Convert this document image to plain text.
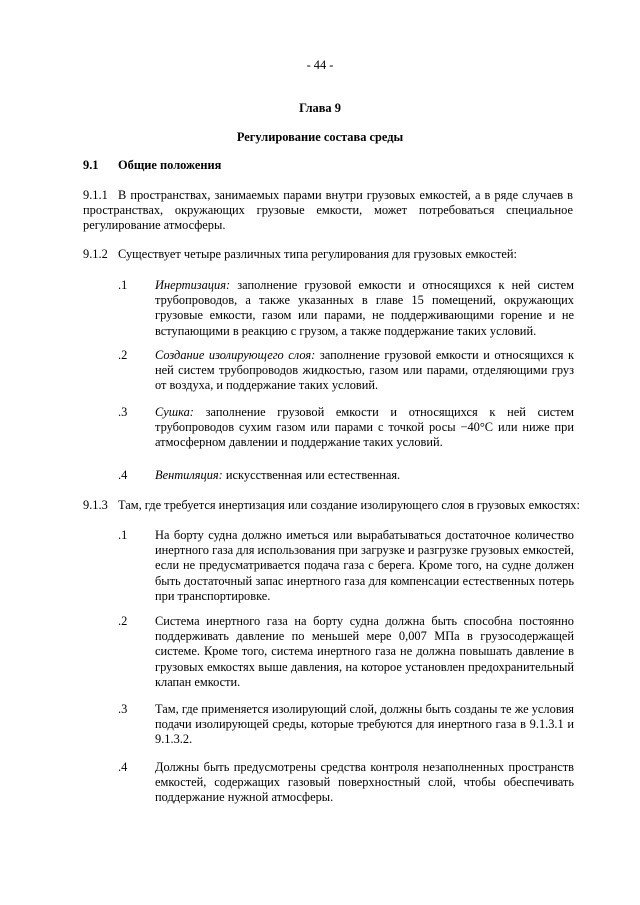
- 44 -
Глава 9
Регулирование состава среды
9.1 Общие положения
9.1.1 В пространствах, занимаемых парами внутри грузовых емкостей, а в ряде случаев в пространствах, окружающих грузовые емкости, может потребоваться специальное регулирование атмосферы.
9.1.2 Существует четыре различных типа регулирования для грузовых емкостей:
.1 Инертизация: заполнение грузовой емкости и относящихся к ней систем трубопроводов, а также указанных в главе 15 помещений, окружающих грузовые емкости, газом или парами, не поддерживающими горение и не вступающими в реакцию с грузом, а также поддержание таких условий.
.2 Создание изолирующего слоя: заполнение грузовой емкости и относящихся к ней систем трубопроводов жидкостью, газом или парами, отделяющими груз от воздуха, и поддержание таких условий.
.3 Сушка: заполнение грузовой емкости и относящихся к ней систем трубопроводов сухим газом или парами с точкой росы −40°C или ниже при атмосферном давлении и поддержание таких условий.
.4 Вентиляция: искусственная или естественная.
9.1.3 Там, где требуется инертизация или создание изолирующего слоя в грузовых емкостях:
.1 На борту судна должно иметься или вырабатываться достаточное количество инертного газа для использования при загрузке и разгрузке грузовых емкостей, если не предусматривается подача газа с берега. Кроме того, на судне должен быть достаточный запас инертного газа для компенсации естественных потерь при транспортировке.
.2 Система инертного газа на борту судна должна быть способна постоянно поддерживать давление по меньшей мере 0,007 МПа в грузосодержащей системе. Кроме того, система инертного газа не должна повышать давление в грузовых емкостях выше давления, на которое установлен предохранительный клапан емкости.
.3 Там, где применяется изолирующий слой, должны быть созданы те же условия подачи изолирующей среды, которые требуются для инертного газа в 9.1.3.1 и 9.1.3.2.
.4 Должны быть предусмотрены средства контроля незаполненных пространств емкостей, содержащих газовый поверхностный слой, чтобы обеспечивать поддержание нужной атмосферы.
